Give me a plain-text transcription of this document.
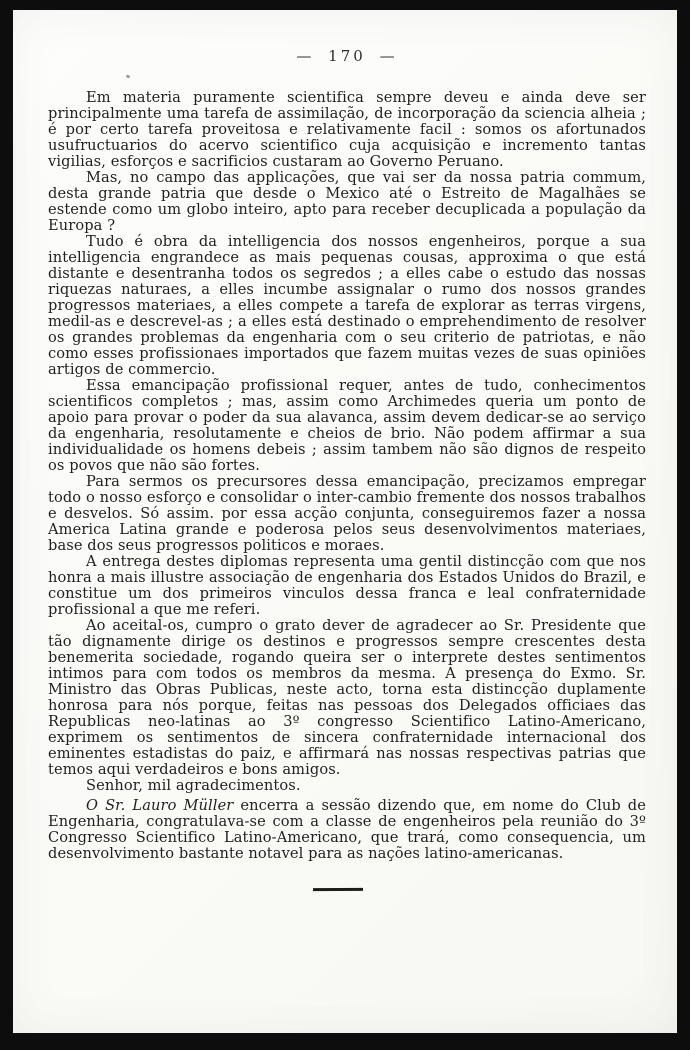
— 170 —

Em materia puramente scientifica sempre deveu e ainda deve ser principalmente uma tarefa de assimilação, de incorporação da sciencia alheia ; é por certo tarefa proveitosa e relativamente facil : somos os afortunados usufructuarios do acervo scientifico cuja acquisição e incremento tantas vigilias, esforços e sacrificios custaram ao Governo Peruano.

Mas, no campo das applicações, que vai ser da nossa patria commum, desta grande patria que desde o Mexico até o Estreito de Magalhães se estende como um globo inteiro, apto para receber decuplicada a população da Europa ?

Tudo é obra da intelligencia dos nossos engenheiros, porque a sua intelligencia engrandece as mais pequenas cousas, approxima o que está distante e desentranha todos os segredos ; a elles cabe o estudo das nossas riquezas naturaes, a elles incumbe assignalar o rumo dos nossos grandes progressos materiaes, a elles compete a tarefa de explorar as terras virgens, medil-as e descrevel-as ; a elles está destinado o emprehendimento de resolver os grandes problemas da engenharia com o seu criterio de patriotas, e não como esses profissionaes importados que fazem muitas vezes de suas opiniões artigos de commercio.

Essa emancipação profissional requer, antes de tudo, conhecimentos scientificos completos ; mas, assim como Archimedes queria um ponto de apoio para provar o poder da sua alavanca, assim devem dedicar-se ao serviço da engenharia, resolutamente e cheios de brio. Não podem affirmar a sua individualidade os homens debeis ; assim tambem não são dignos de respeito os povos que não são fortes.

Para sermos os precursores dessa emancipação, precizamos empregar todo o nosso esforço e consolidar o inter-cambio fremente dos nossos trabalhos e desvelos. Só assim. por essa acção conjunta, conseguiremos fazer a nossa America Latina grande e poderosa pelos seus desenvolvimentos materiaes, base dos seus progressos politicos e moraes.

A entrega destes diplomas representa uma gentil distincção com que nos honra a mais illustre associação de engenharia dos Estados Unidos do Brazil, e constitue um dos primeiros vinculos dessa franca e leal confraternidade profissional a que me referi.

Ao aceital-os, cumpro o grato dever de agradecer ao Sr. Presidente que tão dignamente dirige os destinos e progressos sempre crescentes desta benemerita sociedade, rogando queira ser o interprete destes sentimentos intimos para com todos os membros da mesma. A presença do Exmo. Sr. Ministro das Obras Publicas, neste acto, torna esta distincção duplamente honrosa para nós porque, feitas nas pessoas dos Delegados officiaes das Republicas neo-latinas ao 3º congresso Scientifico Latino-Americano, exprimem os sentimentos de sincera confraternidade internacional dos eminentes estadistas do paiz, e affirmará nas nossas respectivas patrias que temos aqui verdadeiros e bons amigos.

Senhor, mil agradecimentos.

O Sr. Lauro Müller encerra a sessão dizendo que, em nome do Club de Engenharia, congratulava-se com a classe de engenheiros pela reunião do 3º Congresso Scientifico Latino-Americano, que trará, como consequencia, um desenvolvimento bastante notavel para as nações latino-americanas.
